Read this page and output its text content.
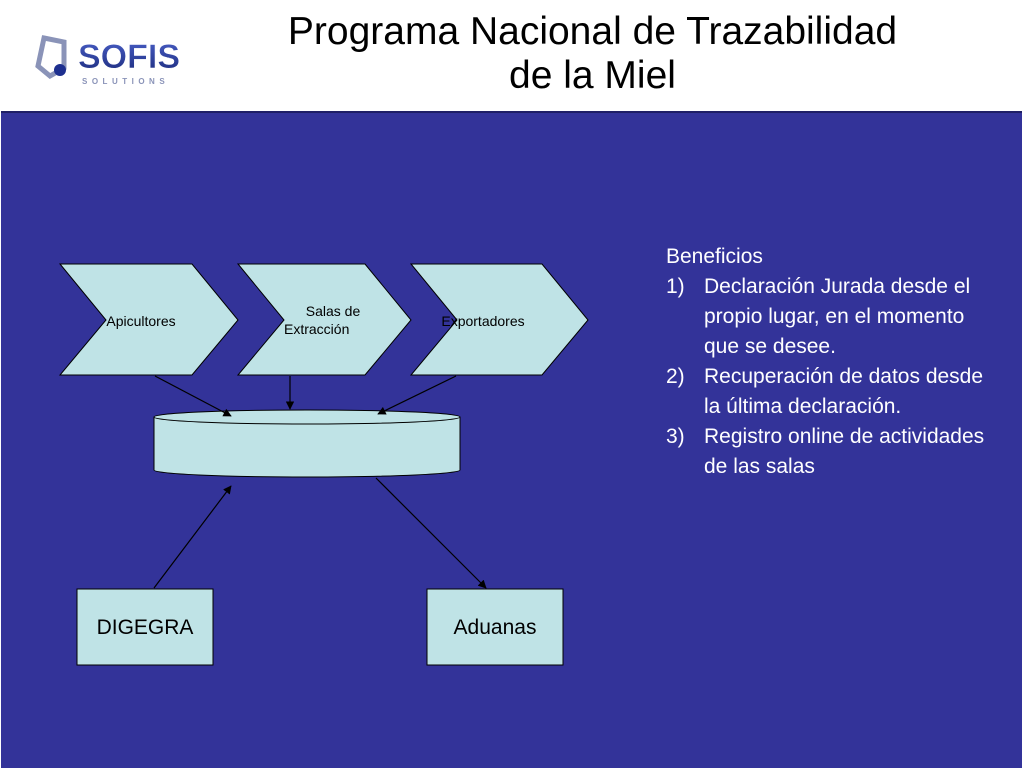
SOFIS
SOLUTIONS
Programa Nacional de Trazabilidad
de la Miel
Apicultores
Salas de
Extracción	Exportadores
DIGEGRA	Aduanas

Beneficios

1) Declaración Jurada desde el propio lugar, en el momento que se desee.
2) Recuperación de datos desde la última declaración.
3) Registro online de actividades de las salas
